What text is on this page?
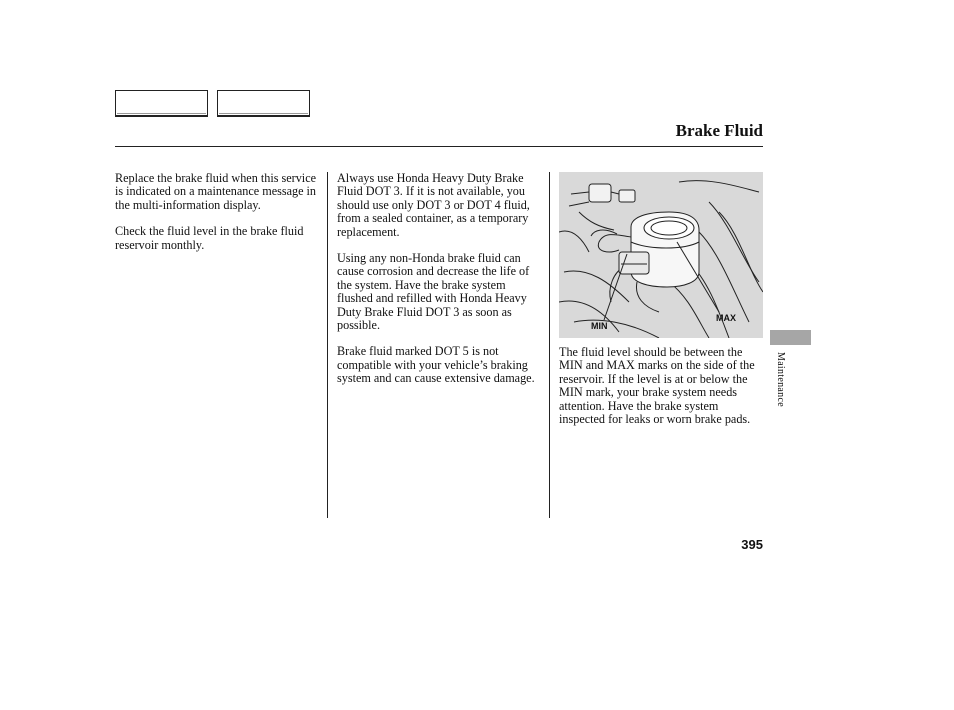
Brake Fluid

Replace the brake fluid when this service is indicated on a maintenance message in the multi-information display.

Check the fluid level in the brake fluid reservoir monthly.

Always use Honda Heavy Duty Brake Fluid DOT 3. If it is not available, you should use only DOT 3 or DOT 4 fluid, from a sealed container, as a temporary replacement.

Using any non-Honda brake fluid can cause corrosion and decrease the life of the system. Have the brake system flushed and refilled with Honda Heavy Duty Brake Fluid DOT 3 as soon as possible.

Brake fluid marked DOT 5 is not compatible with your vehicle’s braking system and can cause extensive damage.

MIN
MAX

The fluid level should be between the MIN and MAX marks on the side of the reservoir. If the level is at or below the MIN mark, your brake system needs attention. Have the brake system inspected for leaks or worn brake pads.

Maintenance
395
